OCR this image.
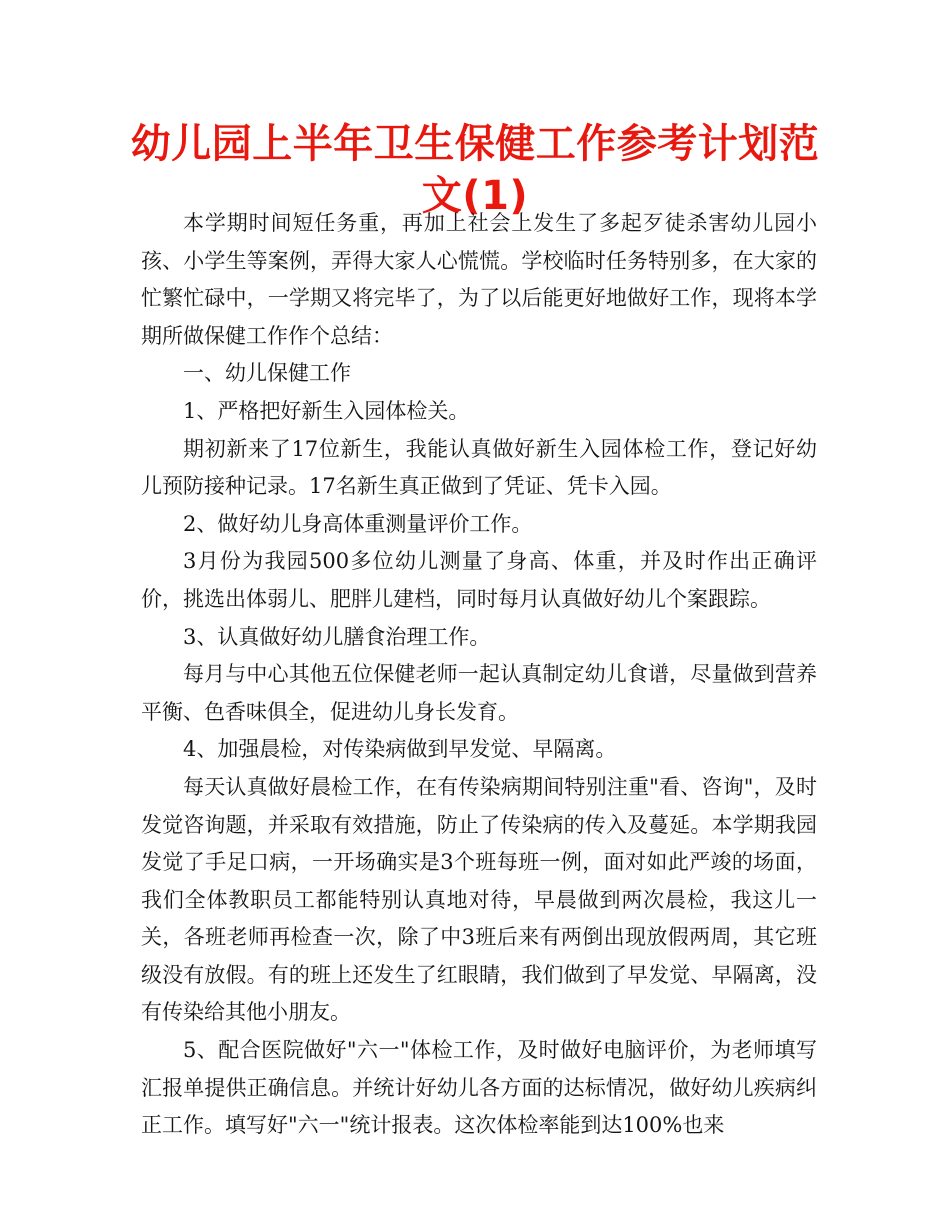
幼儿园上半年卫生保健工作参考计划范文(1)

本学期时间短任务重，再加上社会上发生了多起歹徒杀害幼儿园小孩、小学生等案例，弄得大家人心慌慌。学校临时任务特别多，在大家的忙繁忙碌中，一学期又将完毕了，为了以后能更好地做好工作，现将本学期所做保健工作作个总结：

一、幼儿保健工作

1、严格把好新生入园体检关。

期初新来了17位新生，我能认真做好新生入园体检工作，登记好幼儿预防接种记录。17名新生真正做到了凭证、凭卡入园。

2、做好幼儿身高体重测量评价工作。

3月份为我园500多位幼儿测量了身高、体重，并及时作出正确评价，挑选出体弱儿、肥胖儿建档，同时每月认真做好幼儿个案跟踪。

3、认真做好幼儿膳食治理工作。

每月与中心其他五位保健老师一起认真制定幼儿食谱，尽量做到营养平衡、色香味俱全，促进幼儿身长发育。

4、加强晨检，对传染病做到早发觉、早隔离。

每天认真做好晨检工作，在有传染病期间特别注重"看、咨询"，及时发觉咨询题，并采取有效措施，防止了传染病的传入及蔓延。本学期我园发觉了手足口病，一开场确实是3个班每班一例，面对如此严竣的场面，我们全体教职员工都能特别认真地对待，早晨做到两次晨检，我这儿一关，各班老师再检查一次，除了中3班后来有两倒出现放假两周，其它班级没有放假。有的班上还发生了红眼睛，我们做到了早发觉、早隔离，没有传染给其他小朋友。

5、配合医院做好"六一"体检工作，及时做好电脑评价，为老师填写汇报单提供正确信息。并统计好幼儿各方面的达标情况，做好幼儿疾病纠正工作。填写好"六一"统计报表。这次体检率能到达100%也来
